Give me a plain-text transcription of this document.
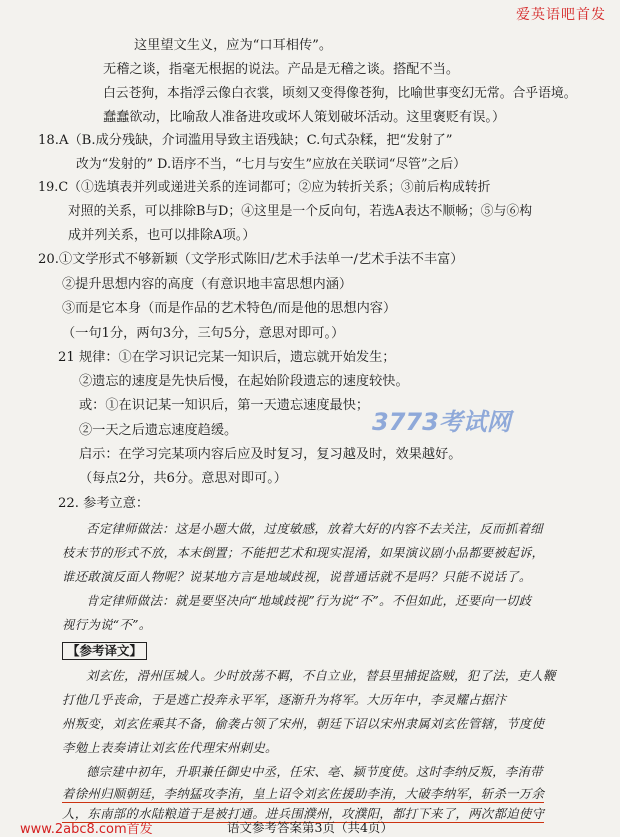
爱英语吧首发
这里望文生义，应为“口耳相传”。
无稽之谈，指毫无根据的说法。产品是无稽之谈。搭配不当。
白云苍狗，本指浮云像白衣裳，顷刻又变得像苍狗，比喻世事变幻无常。合乎语境。
蠢蠢欲动，比喻敌人准备进攻或坏人策划破坏活动。这里褒贬有误。）
18.A（B.成分残缺，介词滥用导致主语残缺；C.句式杂糅，把“发射了”
改为“发射的” D.语序不当，“七月与安生”应放在关联词“尽管”之后）
19.C（①选填表并列或递进关系的连词都可；②应为转折关系；③前后构成转折
对照的关系，可以排除B与D；④这里是一个反向句，若选A表达不顺畅；⑤与⑥构
成并列关系，也可以排除A项。）
20.①文学形式不够新颖（文学形式陈旧/艺术手法单一/艺术手法不丰富）
②提升思想内容的高度（有意识地丰富思想内涵）
③而是它本身（而是作品的艺术特色/而是他的思想内容）
（一句1分，两句3分，三句5分，意思对即可。）
21 规律：①在学习识记完某一知识后，遗忘就开始发生；
②遗忘的速度是先快后慢，在起始阶段遗忘的速度较快。
或：①在识记某一知识后，第一天遗忘速度最快；
②一天之后遗忘速度趋缓。
启示：在学习完某项内容后应及时复习，复习越及时，效果越好。
（每点2分，共6分。意思对即可。）
3773考试网
22. 参考立意：
否定律师做法：这是小题大做，过度敏感，放着大好的内容不去关注，反而抓着细
枝末节的形式不放，本末倒置；不能把艺术和现实混淆，如果演议剧小品都要被起诉，
谁还敢演反面人物呢？说某地方言是地域歧视，说普通话就不是吗？只能不说话了。
肯定律师做法：就是要坚决向“地域歧视”行为说“不”。不但如此，还要向一切歧
视行为说“不”。
【参考译文】
刘玄佐，滑州匡城人。少时放荡不羁，不自立业，替县里捕捉盗贼，犯了法，吏人鞭
打他几乎丧命，于是逃亡投奔永平军，逐渐升为将军。大历年中，李灵耀占据汴
州叛变，刘玄佐乘其不备，偷袭占领了宋州，朝廷下诏以宋州隶属刘玄佐管辖，节度使
李勉上表奏请让刘玄佐代理宋州刺史。
德宗建中初年，升职兼任御史中丞，任宋、亳、颍节度使。这时李纳反叛，李洧带
着徐州归顺朝廷，李纳猛攻李洧，皇上诏令刘玄佐援助李洧，大破李纳军，斩杀一万余
人，东南部的水陆粮道于是被打通。进兵围濮州，攻濮阳，都打下来了，两次都迫使守
www.2abc8.com首发	语文参考答案第3页（共4页）
